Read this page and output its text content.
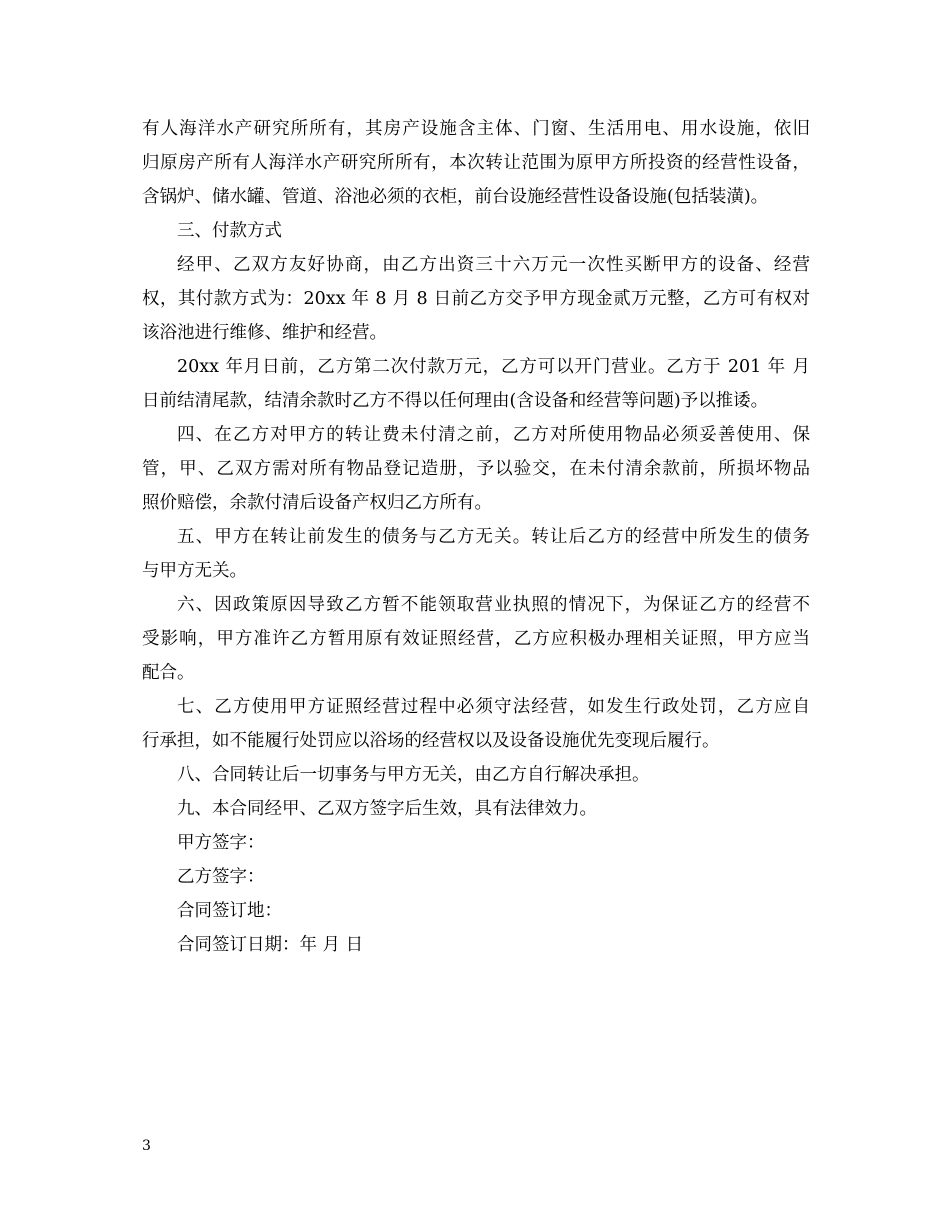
有人海洋水产研究所所有，其房产设施含主体、门窗、生活用电、用水设施，依旧
归原房产所有人海洋水产研究所所有，本次转让范围为原甲方所投资的经营性设备，
含锅炉、储水罐、管道、浴池必须的衣柜，前台设施经营性设备设施(包括装潢)。
三、付款方式
经甲、乙双方友好协商，由乙方出资三十六万元一次性买断甲方的设备、经营
权，其付款方式为：20xx 年 8 月 8 日前乙方交予甲方现金贰万元整，乙方可有权对
该浴池进行维修、维护和经营。
20xx 年月日前，乙方第二次付款万元，乙方可以开门营业。乙方于 201 年 月
日前结清尾款，结清余款时乙方不得以任何理由(含设备和经营等问题)予以推诿。
四、在乙方对甲方的转让费未付清之前，乙方对所使用物品必须妥善使用、保
管，甲、乙双方需对所有物品登记造册，予以验交，在未付清余款前，所损坏物品
照价赔偿，余款付清后设备产权归乙方所有。
五、甲方在转让前发生的债务与乙方无关。转让后乙方的经营中所发生的债务
与甲方无关。
六、因政策原因导致乙方暂不能领取营业执照的情况下，为保证乙方的经营不
受影响，甲方准许乙方暂用原有效证照经营，乙方应积极办理相关证照，甲方应当
配合。
七、乙方使用甲方证照经营过程中必须守法经营，如发生行政处罚，乙方应自
行承担，如不能履行处罚应以浴场的经营权以及设备设施优先变现后履行。
八、合同转让后一切事务与甲方无关，由乙方自行解决承担。
九、本合同经甲、乙双方签字后生效，具有法律效力。
甲方签字：
乙方签字：
合同签订地：
合同签订日期：年 月 日
3
